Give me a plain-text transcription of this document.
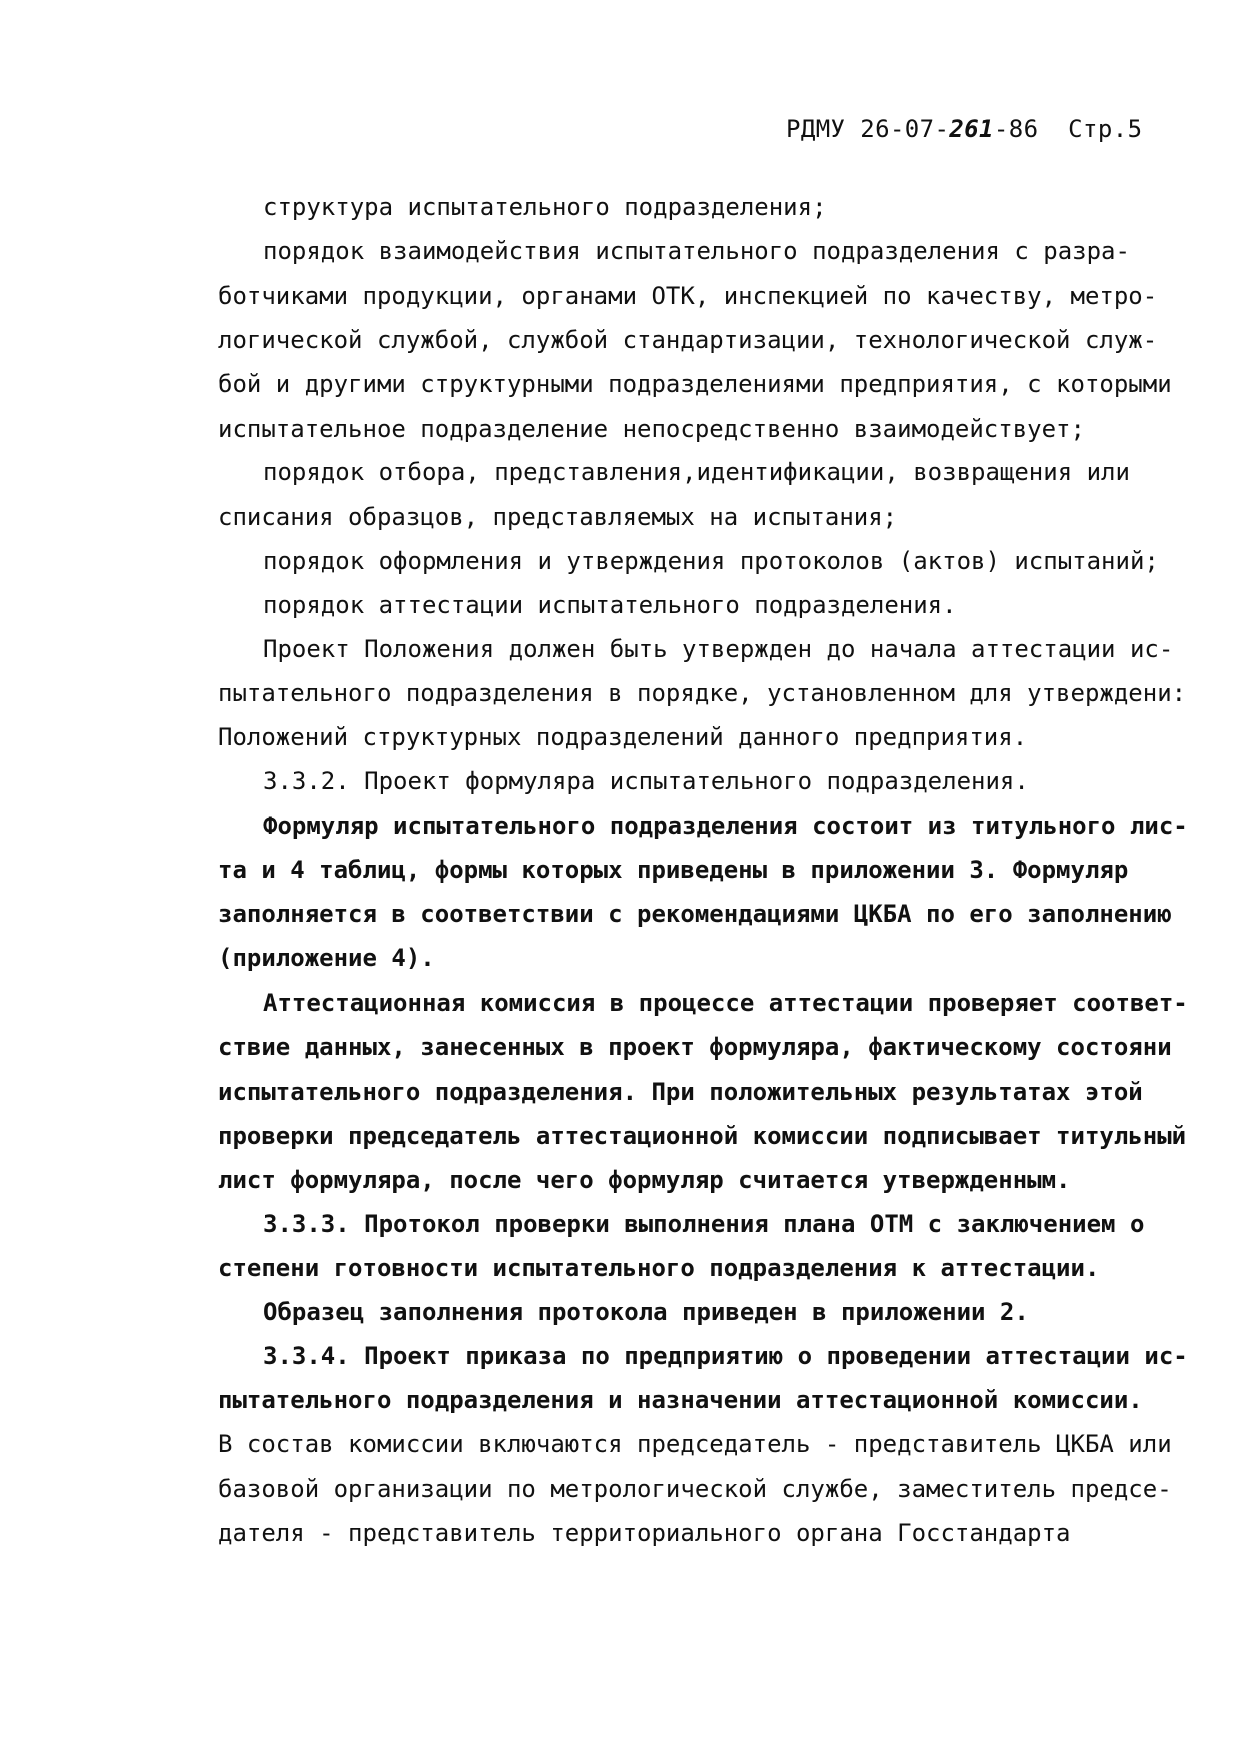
РДМУ 26-07-261-86 Стр.5
структура испытательного подразделения;
порядок взаимодействия испытательного подразделения с разра-
ботчиками продукции, органами ОТК, инспекцией по качеству, метро-
логической службой, службой стандартизации, технологической служ-
бой и другими структурными подразделениями предприятия, с которыми
испытательное подразделение непосредственно взаимодействует;
порядок отбора, представления,идентификации, возвращения или
списания образцов, представляемых на испытания;
порядок оформления и утверждения протоколов (актов) испытаний;
порядок аттестации испытательного подразделения.
Проект Положения должен быть утвержден до начала аттестации ис-
пытательного подразделения в порядке, установленном для утверждени:
Положений структурных подразделений данного предприятия.
3.3.2. Проект формуляра испытательного подразделения.
Формуляр испытательного подразделения состоит из титульного лис-
та и 4 таблиц, формы которых приведены в приложении 3. Формуляр
заполняется в соответствии с рекомендациями ЦКБА по его заполнению
(приложение 4).
Аттестационная комиссия в процессе аттестации проверяет соответ-
ствие данных, занесенных в проект формуляра, фактическому состояни
испытательного подразделения. При положительных результатах этой
проверки председатель аттестационной комиссии подписывает титульный
лист формуляра, после чего формуляр считается утвержденным.
3.3.3. Протокол проверки выполнения плана ОТМ с заключением о
степени готовности испытательного подразделения к аттестации.
Образец заполнения протокола приведен в приложении 2.
3.3.4. Проект приказа по предприятию о проведении аттестации ис-
пытательного подразделения и назначении аттестационной комиссии.
В состав комиссии включаются председатель - представитель ЦКБА или
базовой организации по метрологической службе, заместитель предсе-
дателя - представитель территориального органа Госстандарта
